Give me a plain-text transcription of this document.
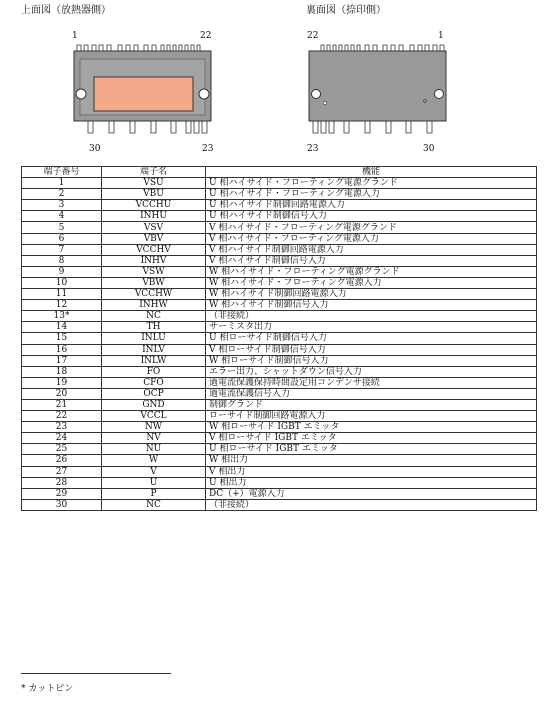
上面図（放熱器側）
1	22
30	23
裏面図（捺印側）
22	1
23	30
端子番号	端子名	機能
1	VSU	U 相ハイサイド・フローティング電源グランド
2	VBU	U 相ハイサイド・フローティング電源入力
3	VCCHU	U 相ハイサイド制御回路電源入力
4	INHU	U 相ハイサイド制御信号入力
5	VSV	V 相ハイサイド・フローティング電源グランド
6	VBV	V 相ハイサイド・フローティング電源入力
7	VCCHV	V 相ハイサイド制御回路電源入力
8	INHV	V 相ハイサイド制御信号入力
9	VSW	W 相ハイサイド・フローティング電源グランド
10	VBW	W 相ハイサイド・フローティング電源入力
11	VCCHW	W 相ハイサイド制御回路電源入力
12	INHW	W 相ハイサイド制御信号入力
13*	NC	（非接続）
14	TH	サーミスタ出力
15	INLU	U 相ローサイド制御信号入力
16	INLV	V 相ローサイド制御信号入力
17	INLW	W 相ローサイド制御信号入力
18	FO	エラー出力、シャットダウン信号入力
19	CFO	過電流保護保持時間設定用コンデンサ接続
20	OCP	過電流保護信号入力
21	GND	制御グランド
22	VCCL	ローサイド制御回路電源入力
23	NW	W 相ローサイド IGBT エミッタ
24	NV	V 相ローサイド IGBT エミッタ
25	NU	U 相ローサイド IGBT エミッタ
26	W	W 相出力
27	V	V 相出力
28	U	U 相出力
29	P	DC（+）電源入力
30	NC	（非接続）
* カットピン
